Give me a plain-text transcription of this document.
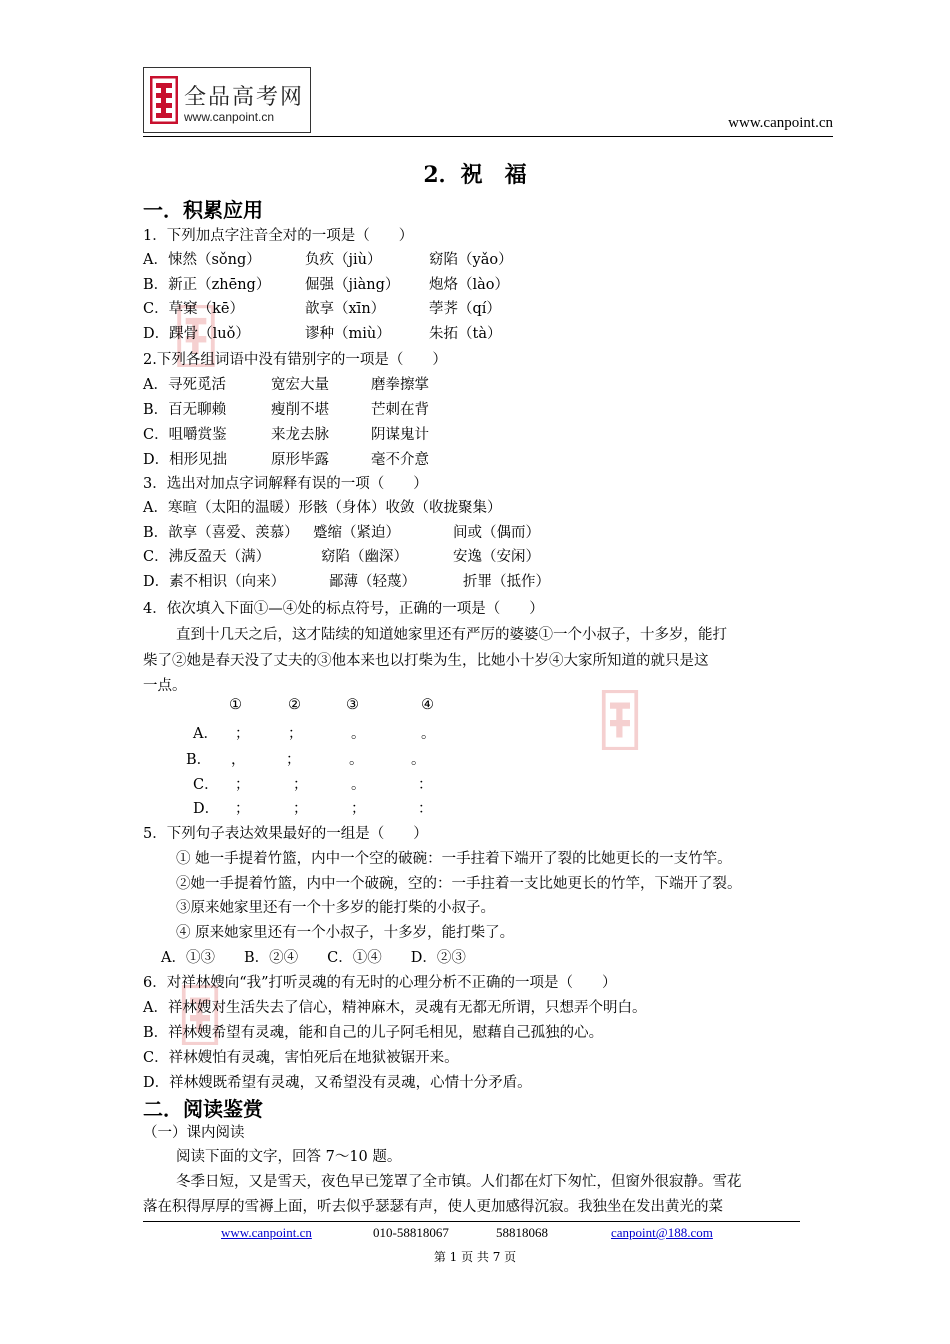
全品高考网
www.canpoint.cn	www.canpoint.cn
2．祝　福
一．积累应用
1．下列加点字注音全对的一项是（　　）
A．悚然（sǒng）	负疚（jiù）	窈陷（yǎo）
B．新正（zhēng） 倔强（jiàng） 炮烙（lào）
C．草窠（kē）	歆享（xīn）	荸荠（qí）
D．踝骨（luǒ）	谬种（miù）	朱拓（tà）
2.下列各组词语中没有错别字的一项是（　　）
A．寻死觅活	宽宏大量	磨拳擦掌
B．百无聊赖	瘦削不堪	芒刺在背
C．咀嚼赏鉴	来龙去脉	阴谋鬼计
D．相形见拙	原形毕露	毫不介意
3．选出对加点字词解释有误的一项（　　）
A．寒暄（太阳的温暖）形骸（身体）收敛（收拢聚集）
B．歆享（喜爱、羡慕） 蹙缩（紧迫）	间或（偶而）
C．沸反盈天（满）	窈陷（幽深）	安逸（安闲）
D．素不相识（向来）	鄙薄（轻蔑）	折罪（抵作）
4．依次填入下面①—④处的标点符号，正确的一项是（　　）
直到十几天之后，这才陆续的知道她家里还有严厉的婆婆①一个小叔子，十多岁，能打
柴了②她是春天没了丈夫的③他本来也以打柴为生，比她小十岁④大家所知道的就只是这
一点。
①	②	③	④
A． ；	；	。	。
B． ，	；	。	。
C． ；	；	。	：
D． ；	；	；	：
5．下列句子表达效果最好的一组是（　　）
① 她一手提着竹篮，内中一个空的破碗：一手拄着下端开了裂的比她更长的一支竹竿。
②她一手提着竹篮，内中一个破碗，空的：一手拄着一支比她更长的竹竿，下端开了裂。
③原来她家里还有一个十多岁的能打柴的小叔子。
④ 原来她家里还有一个小叔子，十多岁，能打柴了。
A．①③　　B．②④　　C．①④　　D．②③
6．对祥林嫂向“我”打听灵魂的有无时的心理分析不正确的一项是（　　）
A．祥林嫂对生活失去了信心，精神麻木，灵魂有无都无所谓，只想弄个明白。
B．祥林嫂希望有灵魂，能和自己的儿子阿毛相见，慰藉自己孤独的心。
C．祥林嫂怕有灵魂，害怕死后在地狱被锯开来。
D．祥林嫂既希望有灵魂，又希望没有灵魂，心情十分矛盾。
二．阅读鉴赏
（一）课内阅读
阅读下面的文字，回答 7～10 题。
冬季日短，又是雪天，夜色早已笼罩了全市镇。人们都在灯下匆忙，但窗外很寂静。雪花
落在积得厚厚的雪褥上面，听去似乎瑟瑟有声，使人更加感得沉寂。我独坐在发出黄光的菜
www.canpoint.cn	010-58818067	58818068	canpoint@188.com
第 1 页 共 7 页
